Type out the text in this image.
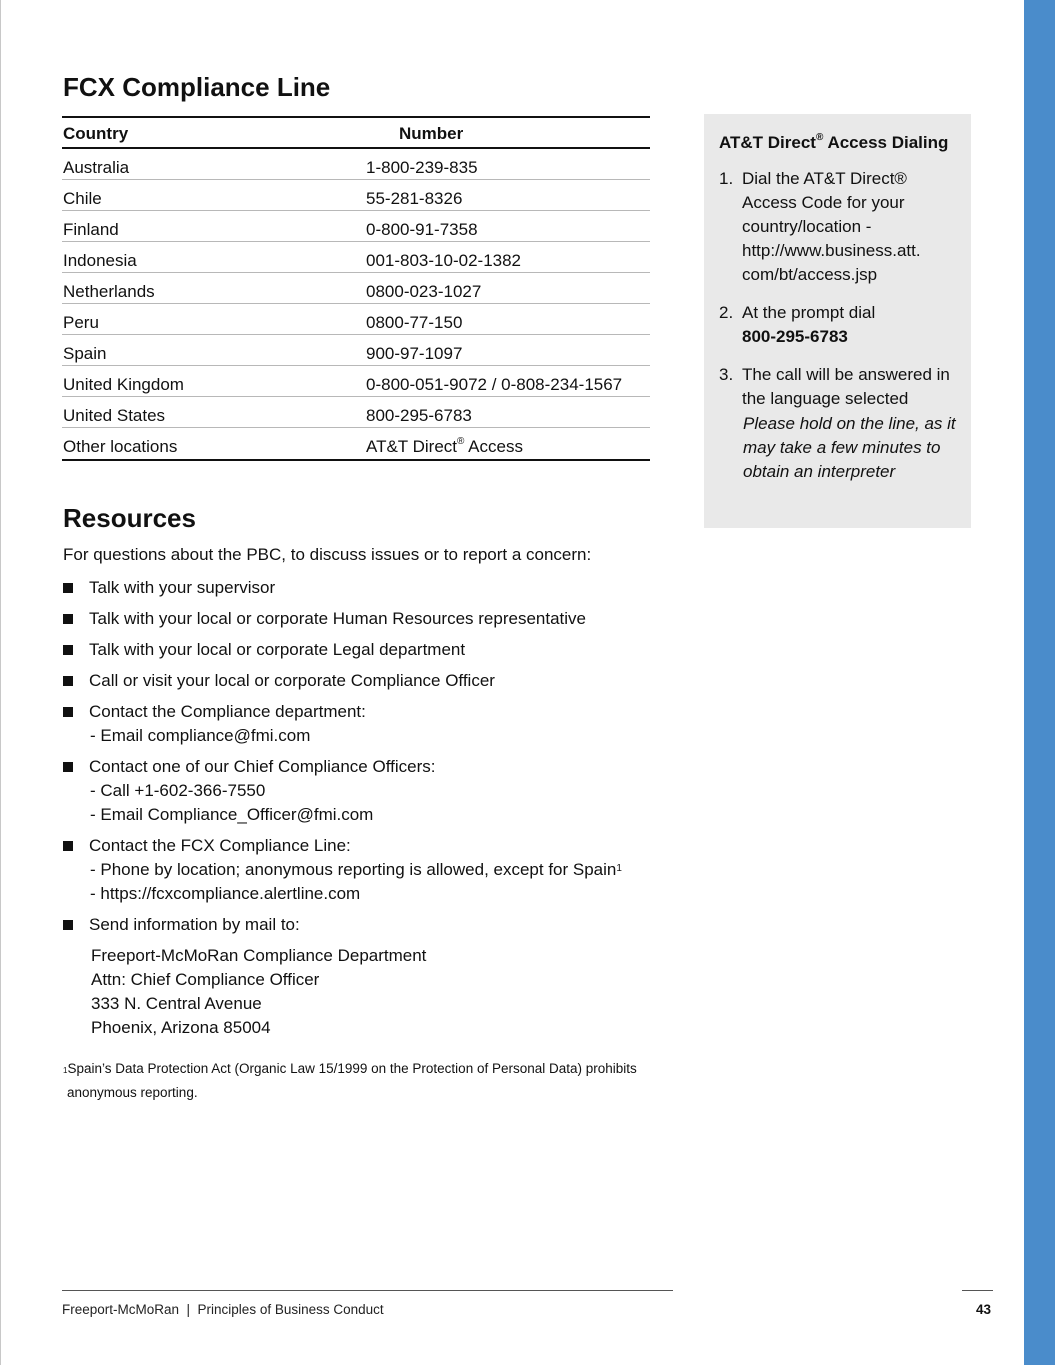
FCX Compliance Line
Country	Number
Australia	1-800-239-835
Chile	55-281-8326
Finland	0-800-91-7358
Indonesia	001-803-10-02-1382
Netherlands	0800-023-1027
Peru	0800-77-150
Spain	900-97-1097
United Kingdom	0-800-051-9072 / 0-808-234-1567
United States	800-295-6783
Other locations	AT&T Direct® Access
AT&T Direct® Access Dialing
1. Dial the AT&T Direct® Access Code for your country/location - http://www.business.att. com/bt/access.jsp
2. At the prompt dial
800-295-6783
3. The call will be answered in the language selected

Please hold on the line, as it may take a few minutes to obtain an interpreter

Resources

For questions about the PBC, to discuss issues or to report a concern:

Talk with your supervisor
Talk with your local or corporate Human Resources representative
Talk with your local or corporate Legal department
Call or visit your local or corporate Compliance Officer
Contact the Compliance department:
- Email compliance@fmi.com
Contact one of our Chief Compliance Officers:
- Call +1-602-366-7550
- Email Compliance_Officer@fmi.com
Contact the FCX Compliance Line:
- Phone by location; anonymous reporting is allowed, except for Spain$^1$
- https://fcxcompliance.alertline.com
Send information by mail to:
Freeport-McMoRan Compliance Department
Attn: Chief Compliance Officer
333 N. Central Avenue
Phoenix, Arizona 85004
$^1$Spain’s Data Protection Act (Organic Law 15/1999 on the Protection of Personal Data) prohibits
anonymous reporting.
Freeport-McMoRan  |  Principles of Business Conduct	43
